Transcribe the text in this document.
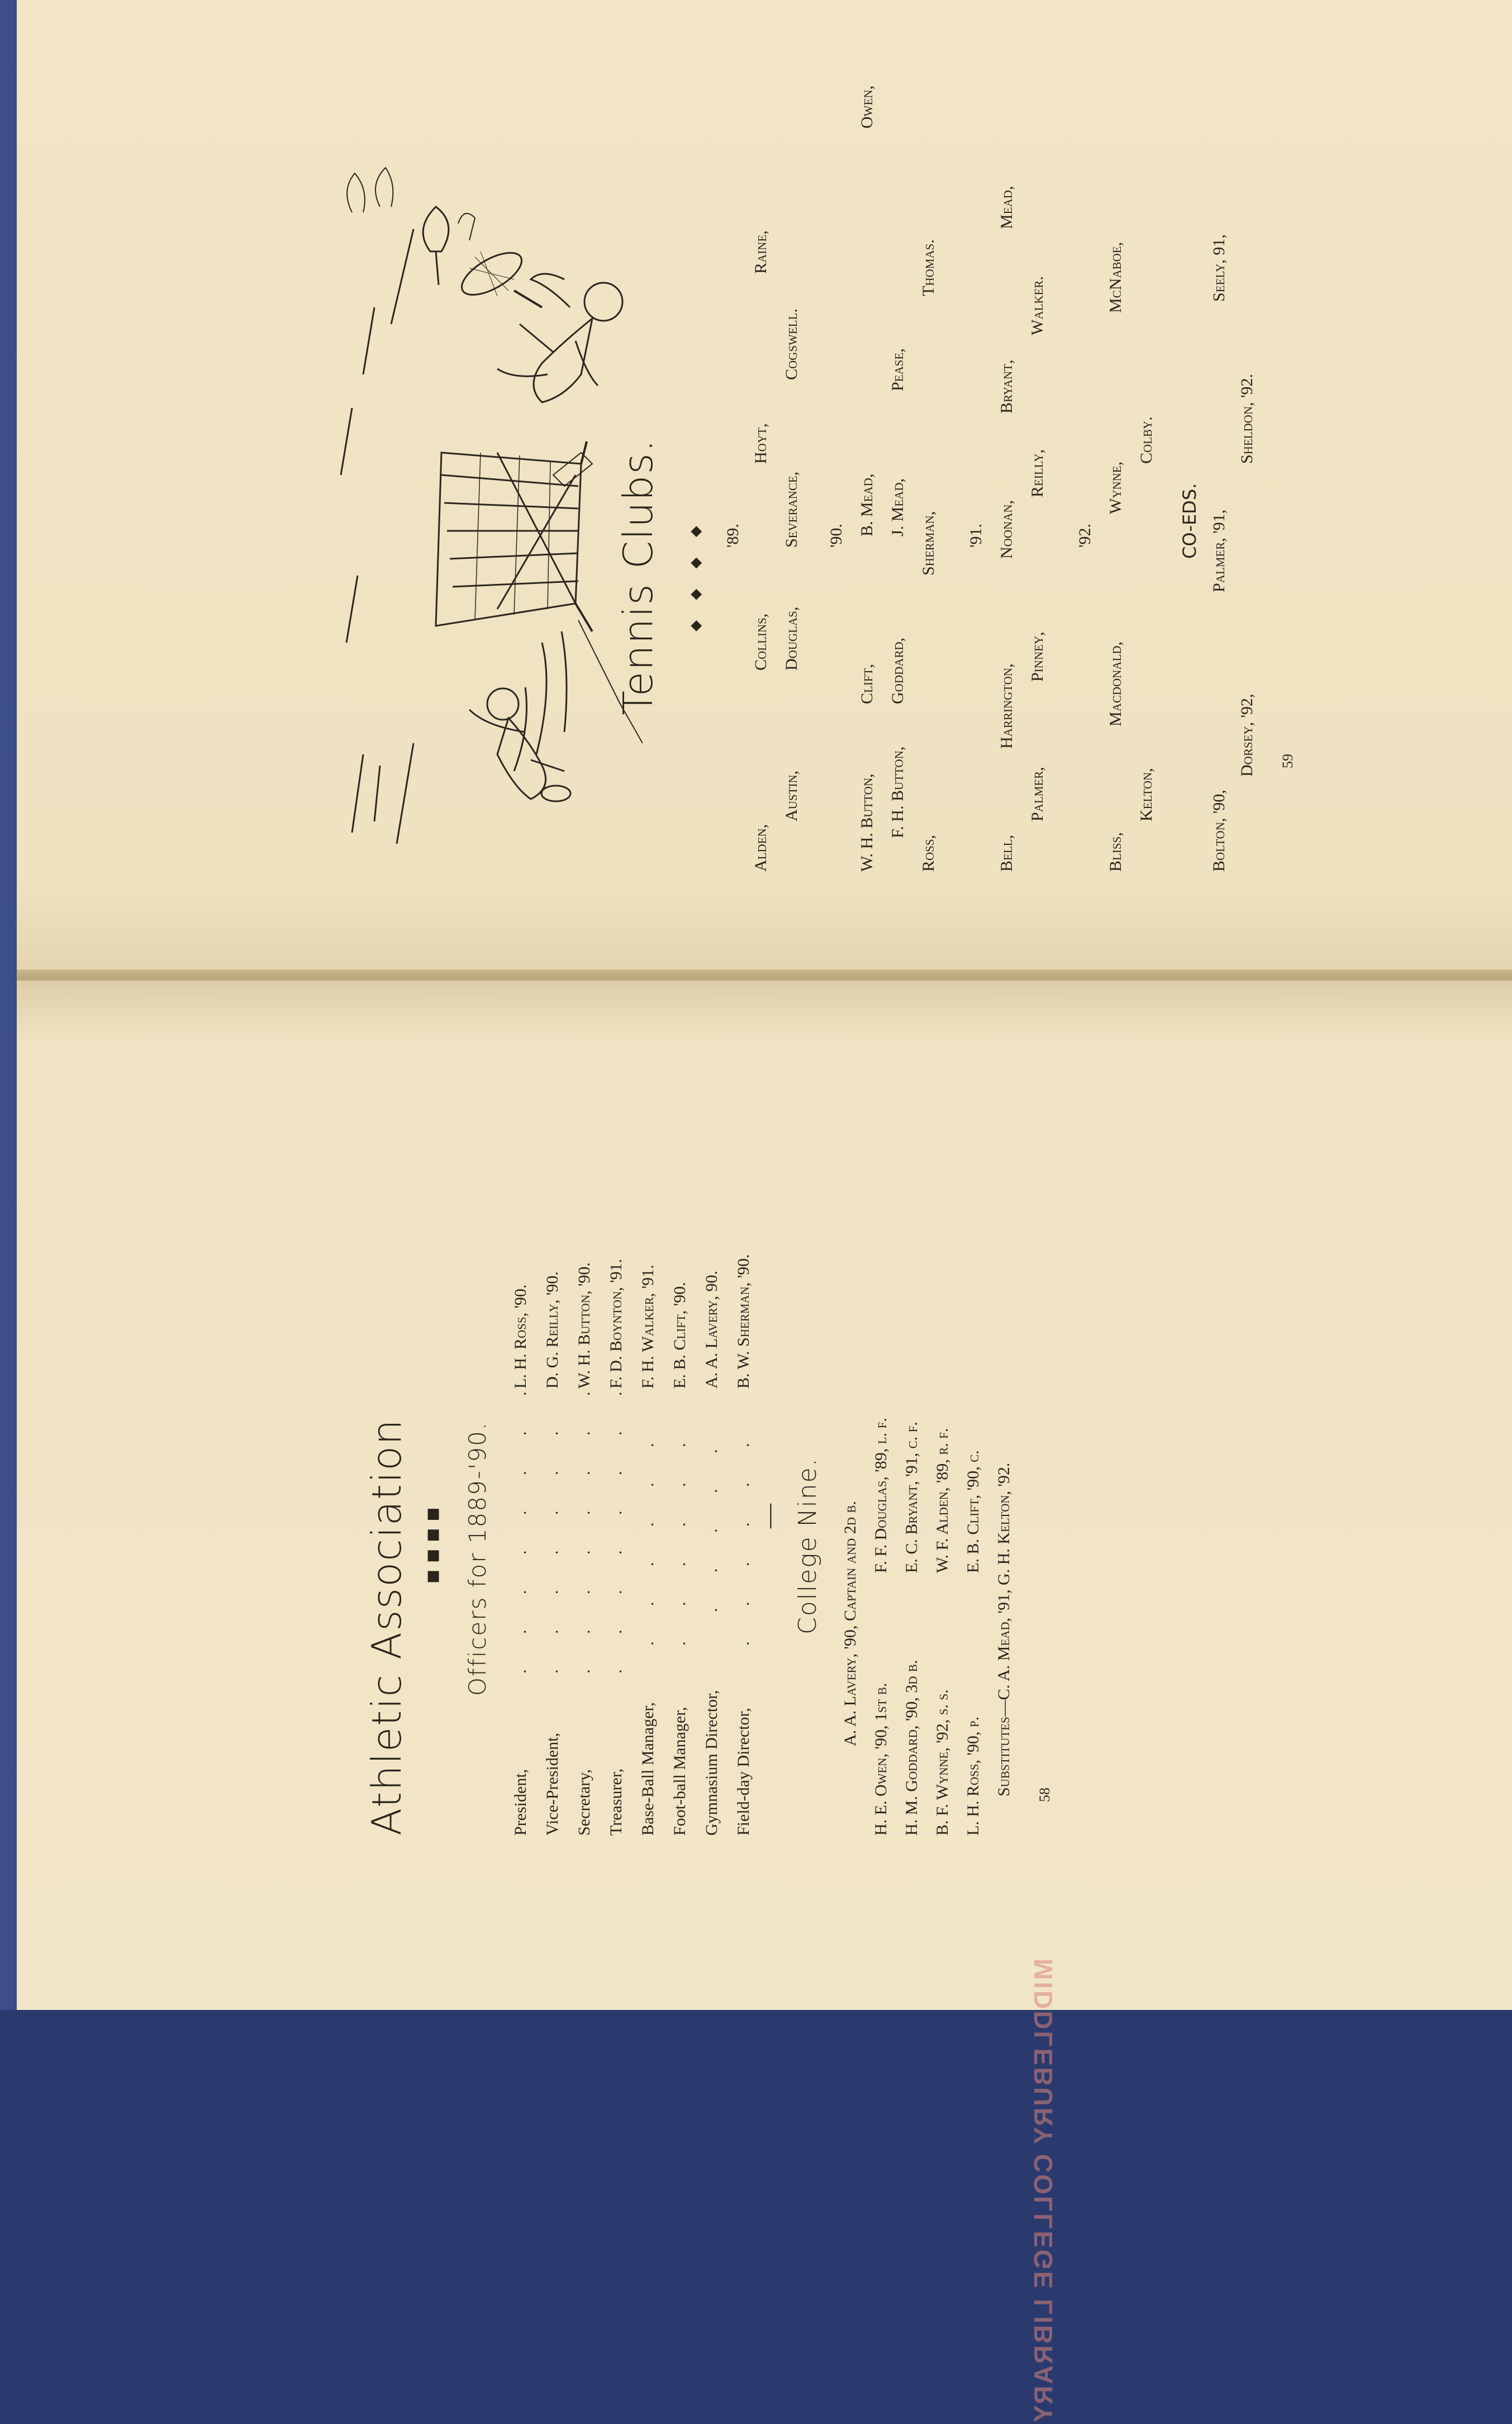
Tennis Clubs. ◆ ◆ ◆ ◆ '89.
Alden,
Collins,
Hoyt,
Raine,
Austin,
Douglas,
Severance,
Cogswell.
'90.
W. H. Button,
Clift,
B. Mead,
Owen,
F. H. Button,
Goddard,
J. Mead,
Pease,
Ross,
Sherman,
Thomas.
'91.
Bell,
Harrington,
Noonan,
Bryant,
Mead,
Palmer,
Pinney,
Reilly,
Walker.
'92.
Bliss,
Macdonald,
Wynne,
McNaboe,
Kelton,
Colby.
CO-EDS.
Bolton, '90,
Palmer, '91,
Seely, 91,
Dorsey, '92,
Sheldon, '92.
59
Athletic Association ▪▪▪▪ Officers for 1889-'90.
President,
. . . . . . . .
L. H. Ross, '90.
Vice-President,
. . . . . . .
D. G. Reilly, '90.
Secretary,
. . . . . . . .
W. H. Button, '90.
Treasurer,
. . . . . . . .
F. D. Boynton, '91.
Base-Ball Manager,
. . . . . .
F. H. Walker, '91.
Foot-ball Manager,
. . . . . .
E. B. Clift, '90.
Gymnasium Director,
. . . . .
A. A. Lavery, 90.
Field-day Director,
. . . . . .
B. W. Sherman, '90.
— College Nine. A. A. Lavery, '90, Captain and 2d b.
H. E. Owen, '90, 1st b.
F. F. Douglas, '89, l. f.
H. M. Goddard, '90, 3d b.
E. C. Bryant, '91, c. f.
B. F. Wynne, '92, s. s.
W. F. Alden, '89, r. f.
L. H. Ross, '90, p.
E. B. Clift, '90, c. Substitutes—C. A. Mead, '91, G. H. Kelton, '92. 58
MIDDLEBURY COLLEGE LIBRARY
